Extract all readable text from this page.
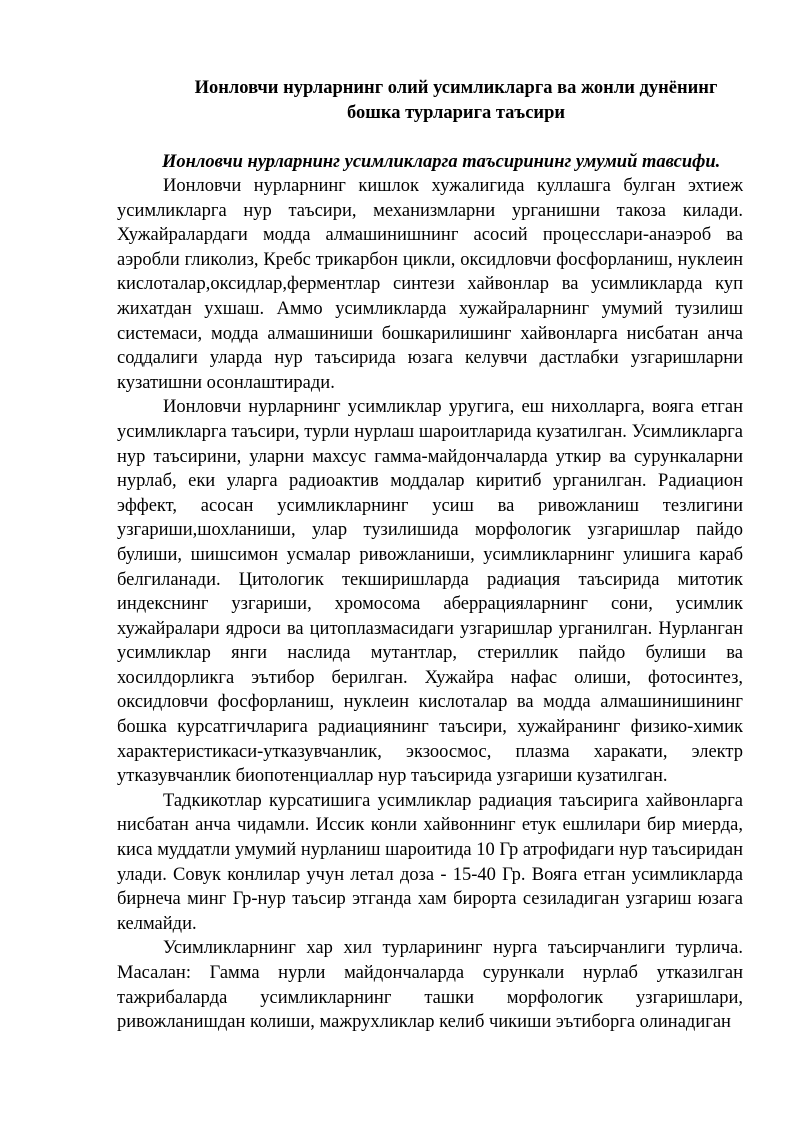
Ионловчи нурларнинг олий усимликларга ва жонли дунёнинг

бошка турларига таъсири

Ионловчи нурларнинг усимликларга таъсирининг умумий тавсифи.

Ионловчи нурларнинг кишлок хужалигида куллашга булган эхтиеж усимликларга нур таъсири, механизмларни урганишни такоза килади. Хужайралардаги модда алмашинишнинг асосий процесслари-анаэроб ва аэробли гликолиз, Кребс трикарбон цикли, оксидловчи фосфорланиш, нуклеин кислоталар,оксидлар,ферментлар синтези хайвонлар ва усимликларда куп жихатдан ухшаш. Аммо усимликларда хужайраларнинг умумий тузилиш системаси, модда алмашиниши бошкарилишинг хайвонларга нисбатан анча соддалиги уларда нур таъсирида юзага келувчи дастлабки узгаришларни кузатишни осонлаштиради.

Ионловчи нурларнинг усимликлар уругига, еш нихолларга, вояга етган усимликларга таъсири, турли нурлаш шароитларида кузатилган. Усимликларга нур таъсирини, уларни махсус гамма-майдончаларда уткир ва сурункаларни нурлаб, еки уларга радиоактив моддалар киритиб урганилган. Радиацион эффект, асосан усимликларнинг усиш ва ривожланиш тезлигини узгариши,шохланиши, улар тузилишида морфологик узгаришлар пайдо булиши, шишсимон усмалар ривожланиши, усимликларнинг улишига караб белгиланади. Цитологик текширишларда радиация таъсирида митотик индекснинг узгариши, хромосома аберрацияларнинг сони, усимлик хужайралари ядроси ва цитоплазмасидаги узгаришлар урганилган. Нурланган усимликлар янги наслида мутантлар, стериллик пайдо булиши ва хосилдорликга эътибор берилган. Хужайра нафас олиши, фотосинтез, оксидловчи фосфорланиш, нуклеин кислоталар ва модда алмашинишининг бошка курсатгичларига радиациянинг таъсири, хужайранинг физико-химик характеристикаси-утказувчанлик, экзоосмос, плазма харакати, электр утказувчанлик биопотенциаллар нур таъсирида узгариши кузатилган.

Тадкикотлар курсатишига усимликлар радиация таъсирига хайвонларга нисбатан анча чидамли. Иссик конли хайвоннинг етук ешлилари бир миерда, киса муддатли умумий нурланиш шароитида 10 Гр атрофидаги нур таъсиридан улади. Совук конлилар учун летал доза - 15-40 Гр. Вояга етган усимликларда бирнеча минг Гр-нур таъсир этганда хам бирорта сезиладиган узгариш юзага келмайди.

Усимликларнинг хар хил турларининг нурга таъсирчанлиги турлича. Масалан: Гамма нурли майдончаларда сурункали нурлаб утказилган тажрибаларда усимликларнинг ташки морфологик узгаришлари, ривожланишдан колиши, мажрухликлар келиб чикиши эътиборга олинадиган
